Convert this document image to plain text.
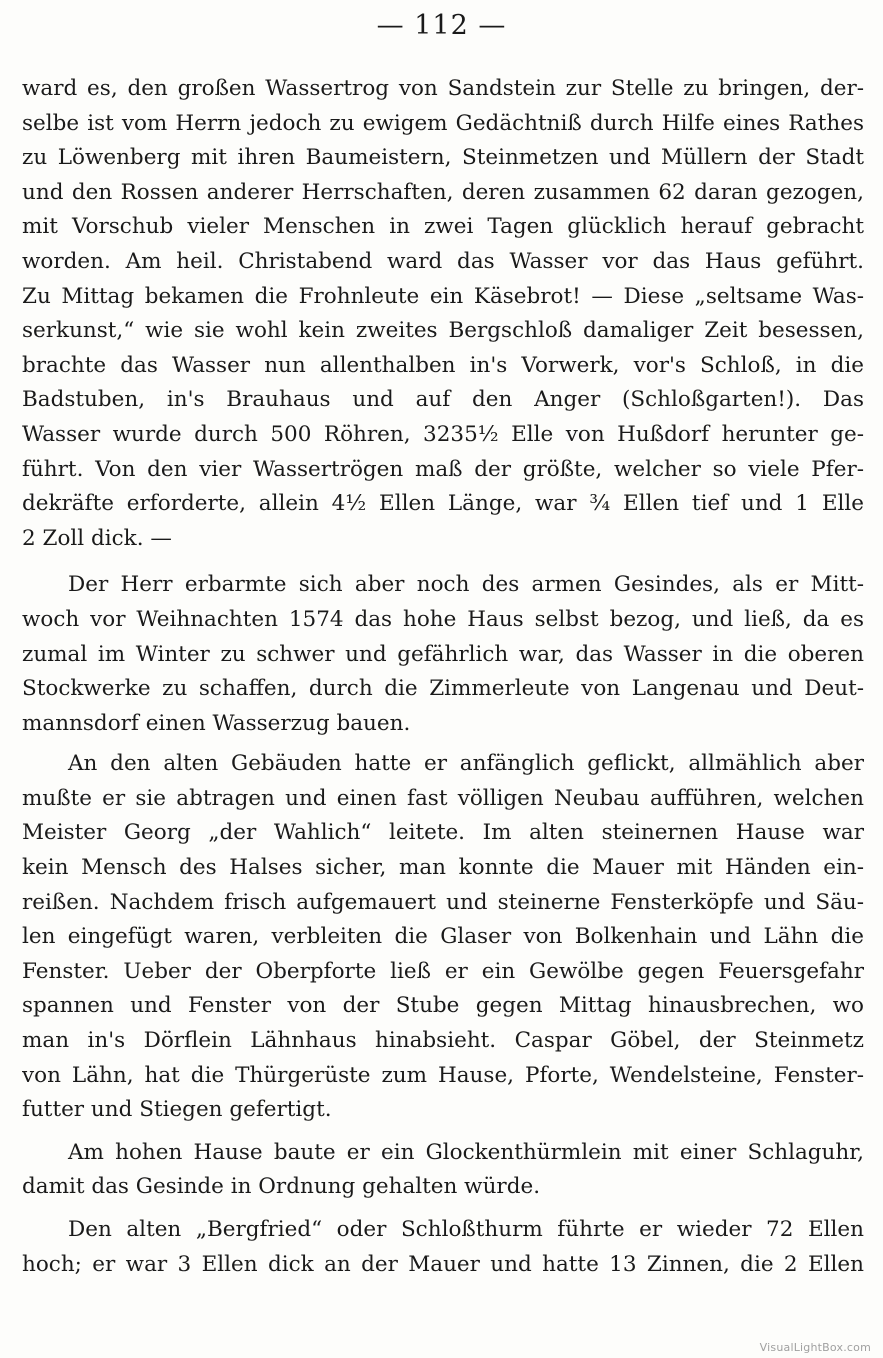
— 112 —
ward es, den großen Wassertrog von Sandstein zur Stelle zu bringen, der-
selbe ist vom Herrn jedoch zu ewigem Gedächtniß durch Hilfe eines Rathes
zu Löwenberg mit ihren Baumeistern, Steinmetzen und Müllern der Stadt
und den Rossen anderer Herrschaften, deren zusammen 62 daran gezogen,
mit Vorschub vieler Menschen in zwei Tagen glücklich herauf gebracht
worden. Am heil. Christabend ward das Wasser vor das Haus geführt.
Zu Mittag bekamen die Frohnleute ein Käsebrot! — Diese „seltsame Was-
serkunst,“ wie sie wohl kein zweites Bergschloß damaliger Zeit besessen,
brachte das Wasser nun allenthalben in's Vorwerk, vor's Schloß, in die
Badstuben, in's Brauhaus und auf den Anger (Schloßgarten!). Das
Wasser wurde durch 500 Röhren, 3235½ Elle von Hußdorf herunter ge-
führt. Von den vier Wassertrögen maß der größte, welcher so viele Pfer-
dekräfte erforderte, allein 4½ Ellen Länge, war ¾ Ellen tief und 1 Elle
2 Zoll dick. —
Der Herr erbarmte sich aber noch des armen Gesindes, als er Mitt-
woch vor Weihnachten 1574 das hohe Haus selbst bezog, und ließ, da es
zumal im Winter zu schwer und gefährlich war, das Wasser in die oberen
Stockwerke zu schaffen, durch die Zimmerleute von Langenau und Deut-
mannsdorf einen Wasserzug bauen.
An den alten Gebäuden hatte er anfänglich geflickt, allmählich aber
mußte er sie abtragen und einen fast völligen Neubau aufführen, welchen
Meister Georg „der Wahlich“ leitete. Im alten steinernen Hause war
kein Mensch des Halses sicher, man konnte die Mauer mit Händen ein-
reißen. Nachdem frisch aufgemauert und steinerne Fensterköpfe und Säu-
len eingefügt waren, verbleiten die Glaser von Bolkenhain und Lähn die
Fenster. Ueber der Oberpforte ließ er ein Gewölbe gegen Feuersgefahr
spannen und Fenster von der Stube gegen Mittag hinausbrechen, wo
man in's Dörflein Lähnhaus hinabsieht. Caspar Göbel, der Steinmetz
von Lähn, hat die Thürgerüste zum Hause, Pforte, Wendelsteine, Fenster-
futter und Stiegen gefertigt.
Am hohen Hause baute er ein Glockenthürmlein mit einer Schlaguhr,
damit das Gesinde in Ordnung gehalten würde.
Den alten „Bergfried“ oder Schloßthurm führte er wieder 72 Ellen
hoch; er war 3 Ellen dick an der Mauer und hatte 13 Zinnen, die 2 Ellen
VisualLightBox.com
